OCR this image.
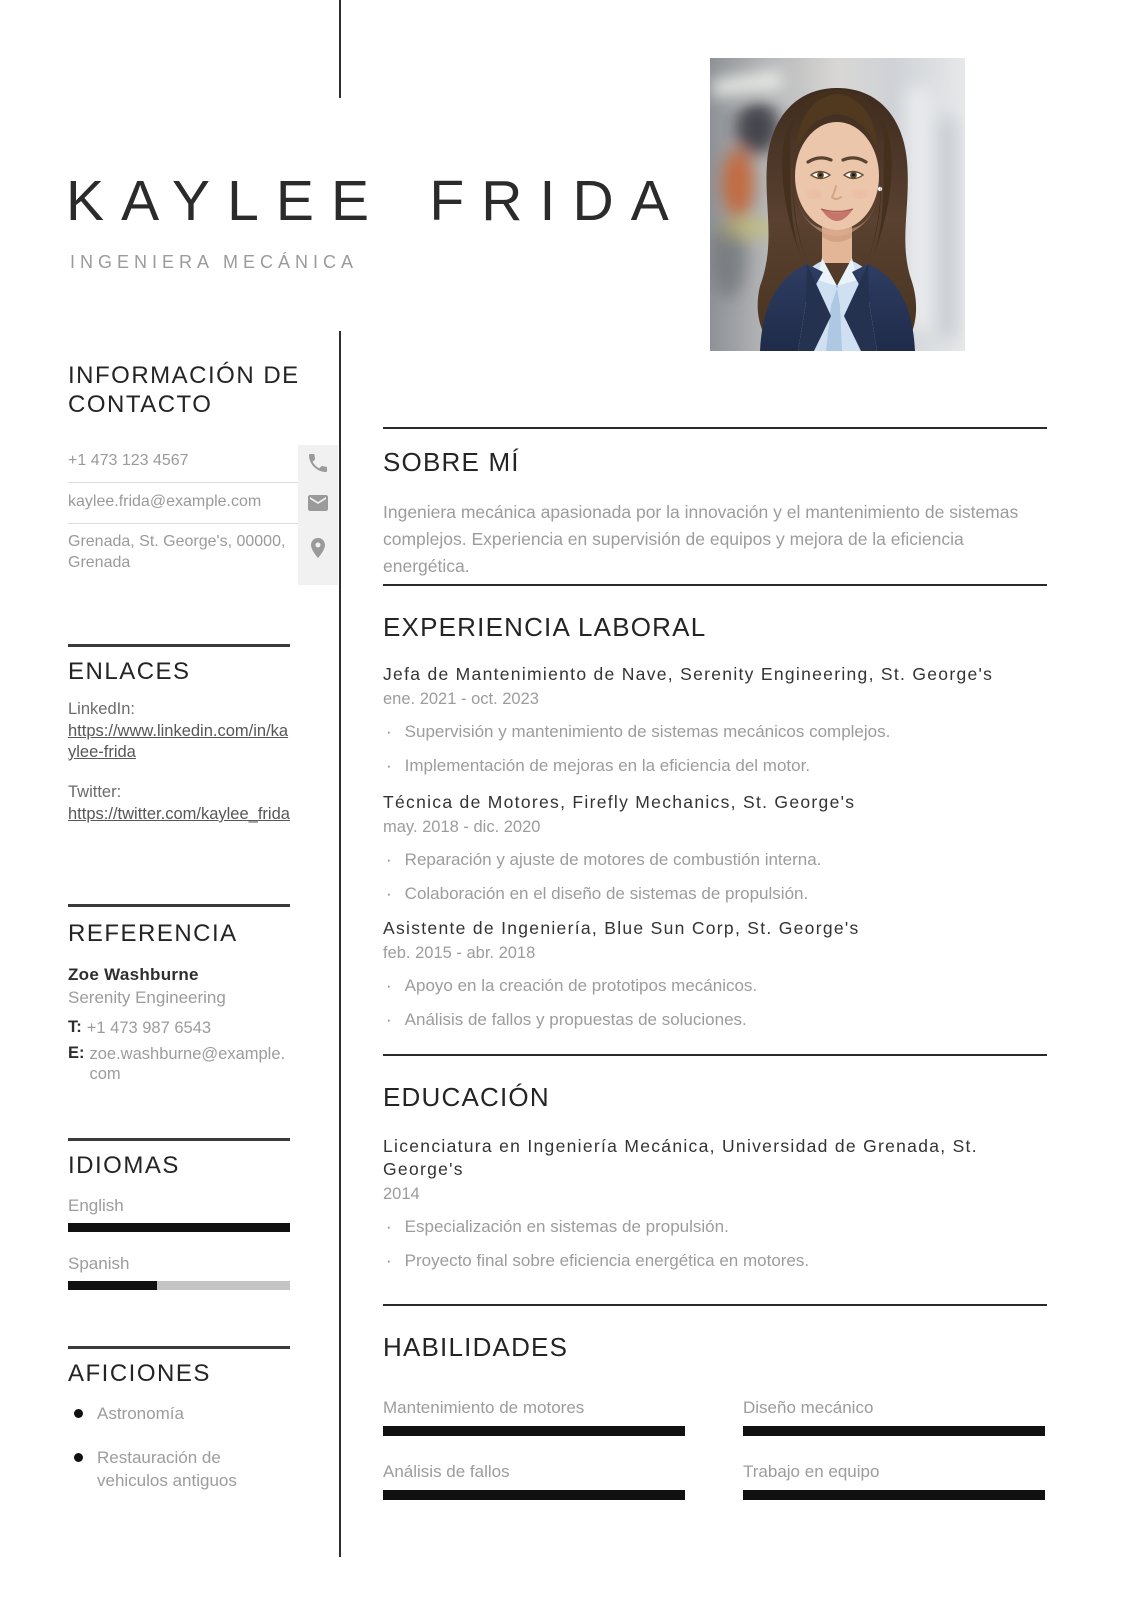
KAYLEE FRIDA
INGENIERA MECÁNICA
INFORMACIÓN DE CONTACTO
+1 473 123 4567
kaylee.frida@example.com
Grenada, St. George's, 00000, Grenada
ENLACES
LinkedIn:
https://www.linkedin.com/in/kaylee-frida
Twitter:
https://twitter.com/kaylee_frida
REFERENCIA
Zoe Washburne
Serenity Engineering
T: +1 473 987 6543
E: zoe.washburne@example.com
IDIOMAS
English
Spanish
AFICIONES
Astronomía
Restauración de vehiculos antiguos
SOBRE MÍ
Ingeniera mecánica apasionada por la innovación y el mantenimiento de sistemas complejos. Experiencia en supervisión de equipos y mejora de la eficiencia energética.
EXPERIENCIA LABORAL
Jefa de Mantenimiento de Nave, Serenity Engineering, St. George's
ene. 2021 - oct. 2023
· Supervisión y mantenimiento de sistemas mecánicos complejos.
· Implementación de mejoras en la eficiencia del motor.
Técnica de Motores, Firefly Mechanics, St. George's
may. 2018 - dic. 2020
· Reparación y ajuste de motores de combustión interna.
· Colaboración en el diseño de sistemas de propulsión.
Asistente de Ingeniería, Blue Sun Corp, St. George's
feb. 2015 - abr. 2018
· Apoyo en la creación de prototipos mecánicos.
· Análisis de fallos y propuestas de soluciones.
EDUCACIÓN
Licenciatura en Ingeniería Mecánica, Universidad de Grenada, St. George's
2014
· Especialización en sistemas de propulsión.
· Proyecto final sobre eficiencia energética en motores.
HABILIDADES
Mantenimiento de motores	Diseño mecánico
Análisis de fallos	Trabajo en equipo
